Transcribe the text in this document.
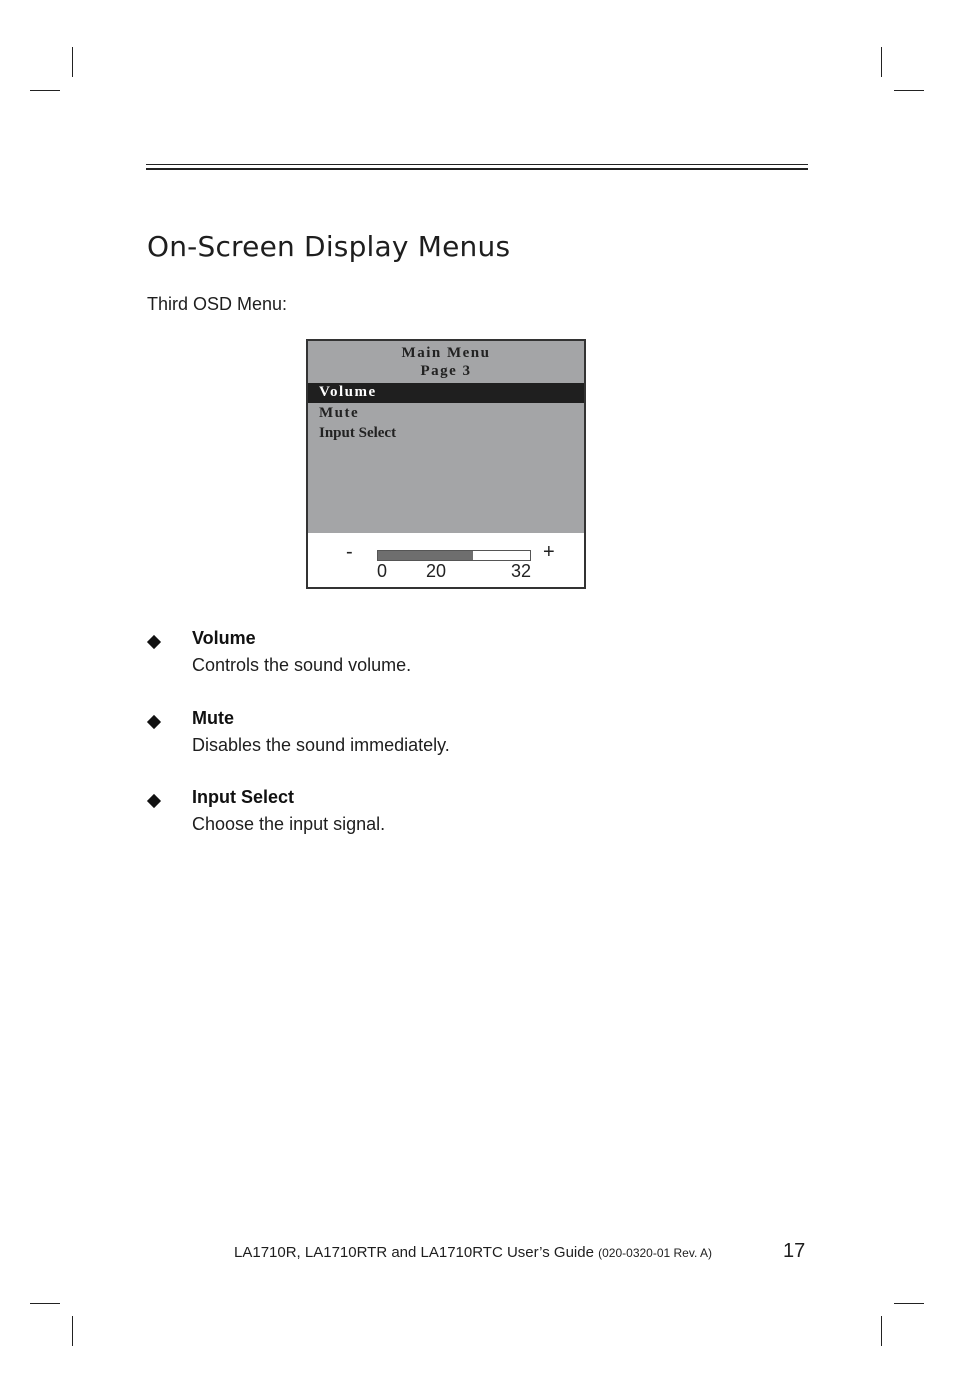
On-Screen Display Menus
Third OSD Menu:
Main Menu
Page 3
Volume
Mute
Input Select
-	+
0 20	32
Volume
Controls the sound volume.
Mute
Disables the sound immediately.
Input Select
Choose the input signal.
LA1710R, LA1710RTR and LA1710RTC User’s Guide (020-0320-01 Rev. A)	17
